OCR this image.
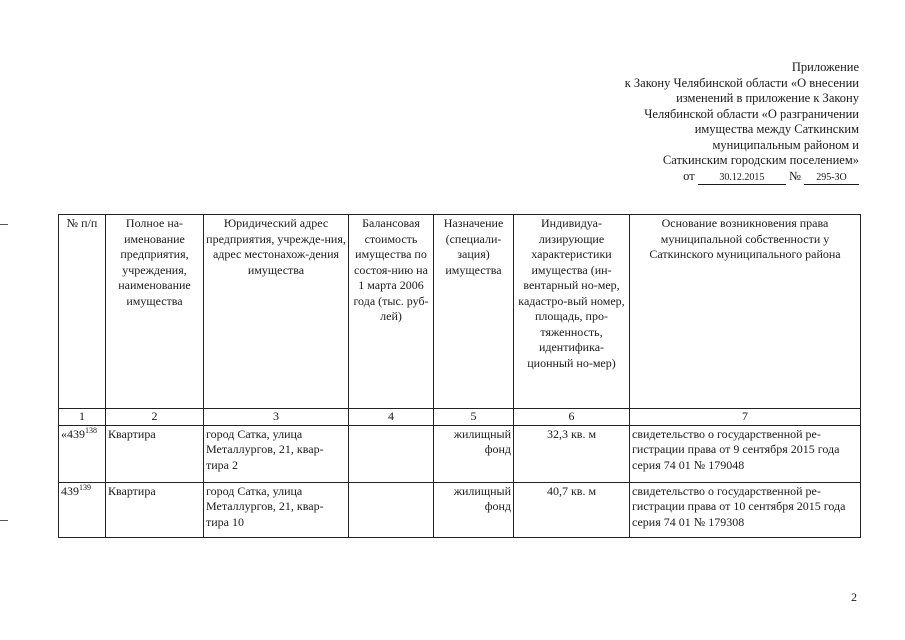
Приложение
к Закону Челябинской области «О внесении
изменений в приложение к Закону
Челябинской области «О разграничении
имущества между Саткинским
муниципальным районом и
Саткинским городским поселением»
от 30.12.2015 № 295-ЗО
№ п/п	Полное на-именование предприятия, учреждения, наименование имущества	Юридический адрес предприятия, учрежде-ния, адрес местонахож-дения имущества	Балансовая стоимость имущества по состоя-нию на 1 марта 2006 года (тыс. руб-лей)	Назначение (специали-зация) имущества	Индивидуа-лизирующие характеристики имущества (ин-вентарный но-мер, кадастро-вый номер, площадь, про-тяженность, идентифика-ционный но-мер)	Основание возникновения права муниципальной собственности у Саткинского муниципального района
1	2	3	4	5	6	7
«$439^{138}$	Квартира	город Сатка, улица Металлургов, 21, квар-тира 2		жилищный фонд	32,3 кв. м	свидетельство о государственной ре-гистрации права от 9 сентября 2015 года серия 74 01 № 179048
$439^{139}$	Квартира	город Сатка, улица Металлургов, 21, квар-тира 10		жилищный фонд	40,7 кв. м	свидетельство о государственной ре-гистрации права от 10 сентября 2015 года серия 74 01 № 179308
2
